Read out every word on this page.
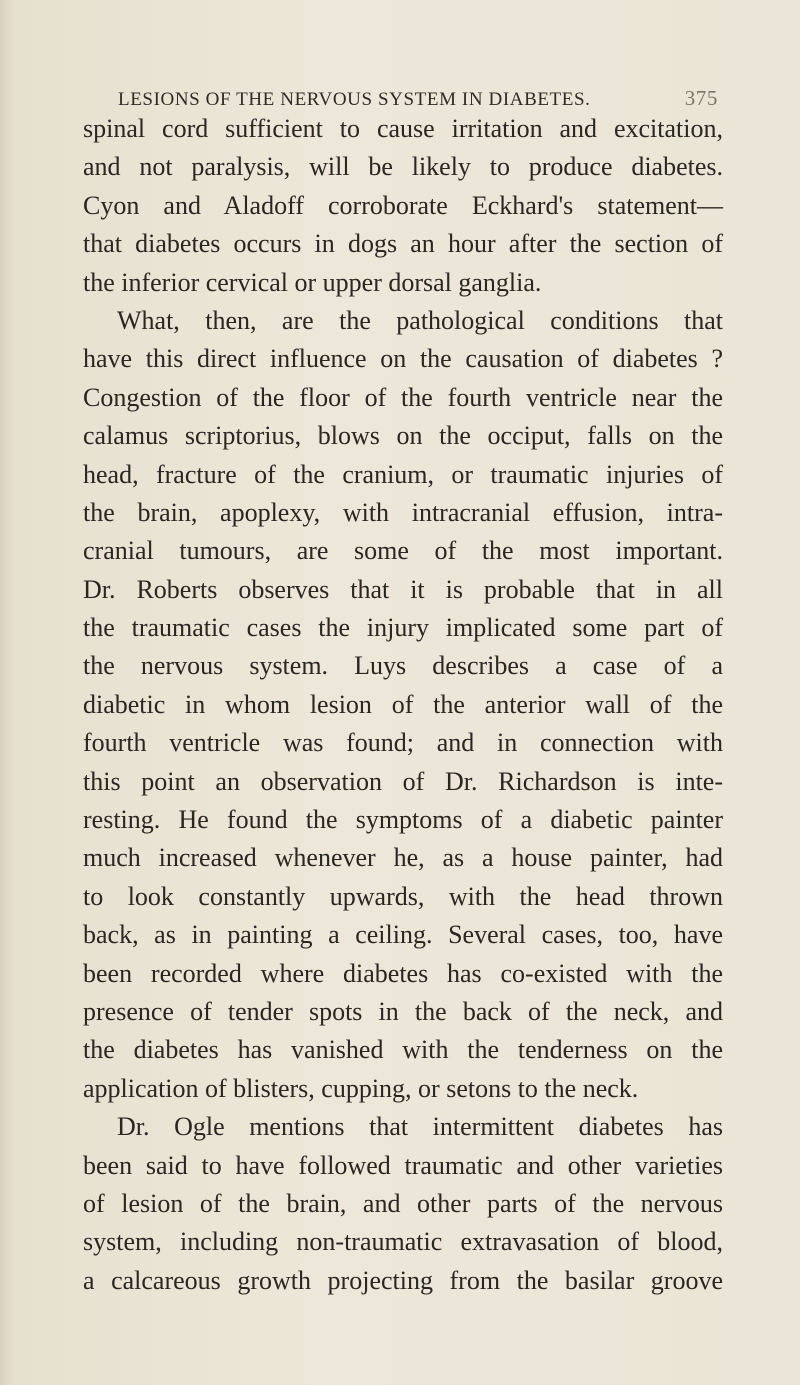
LESIONS OF THE NERVOUS SYSTEM IN DIABETES.	375
spinal cord sufficient to cause irritation and excitation,
and not paralysis, will be likely to produce diabetes.
Cyon and Aladoff corroborate Eckhard's statement—
that diabetes occurs in dogs an hour after the section of
the inferior cervical or upper dorsal ganglia.
What, then, are the pathological conditions that
have this direct influence on the causation of diabetes ?
Congestion of the floor of the fourth ventricle near the
calamus scriptorius, blows on the occiput, falls on the
head, fracture of the cranium, or traumatic injuries of
the brain, apoplexy, with intracranial effusion, intra-
cranial tumours, are some of the most important.
Dr. Roberts observes that it is probable that in all
the traumatic cases the injury implicated some part of
the nervous system. Luys describes a case of a
diabetic in whom lesion of the anterior wall of the
fourth ventricle was found; and in connection with
this point an observation of Dr. Richardson is inte-
resting. He found the symptoms of a diabetic painter
much increased whenever he, as a house painter, had
to look constantly upwards, with the head thrown
back, as in painting a ceiling. Several cases, too, have
been recorded where diabetes has co-existed with the
presence of tender spots in the back of the neck, and
the diabetes has vanished with the tenderness on the
application of blisters, cupping, or setons to the neck.
Dr. Ogle mentions that intermittent diabetes has
been said to have followed traumatic and other varieties
of lesion of the brain, and other parts of the nervous
system, including non-traumatic extravasation of blood,
a calcareous growth projecting from the basilar groove
